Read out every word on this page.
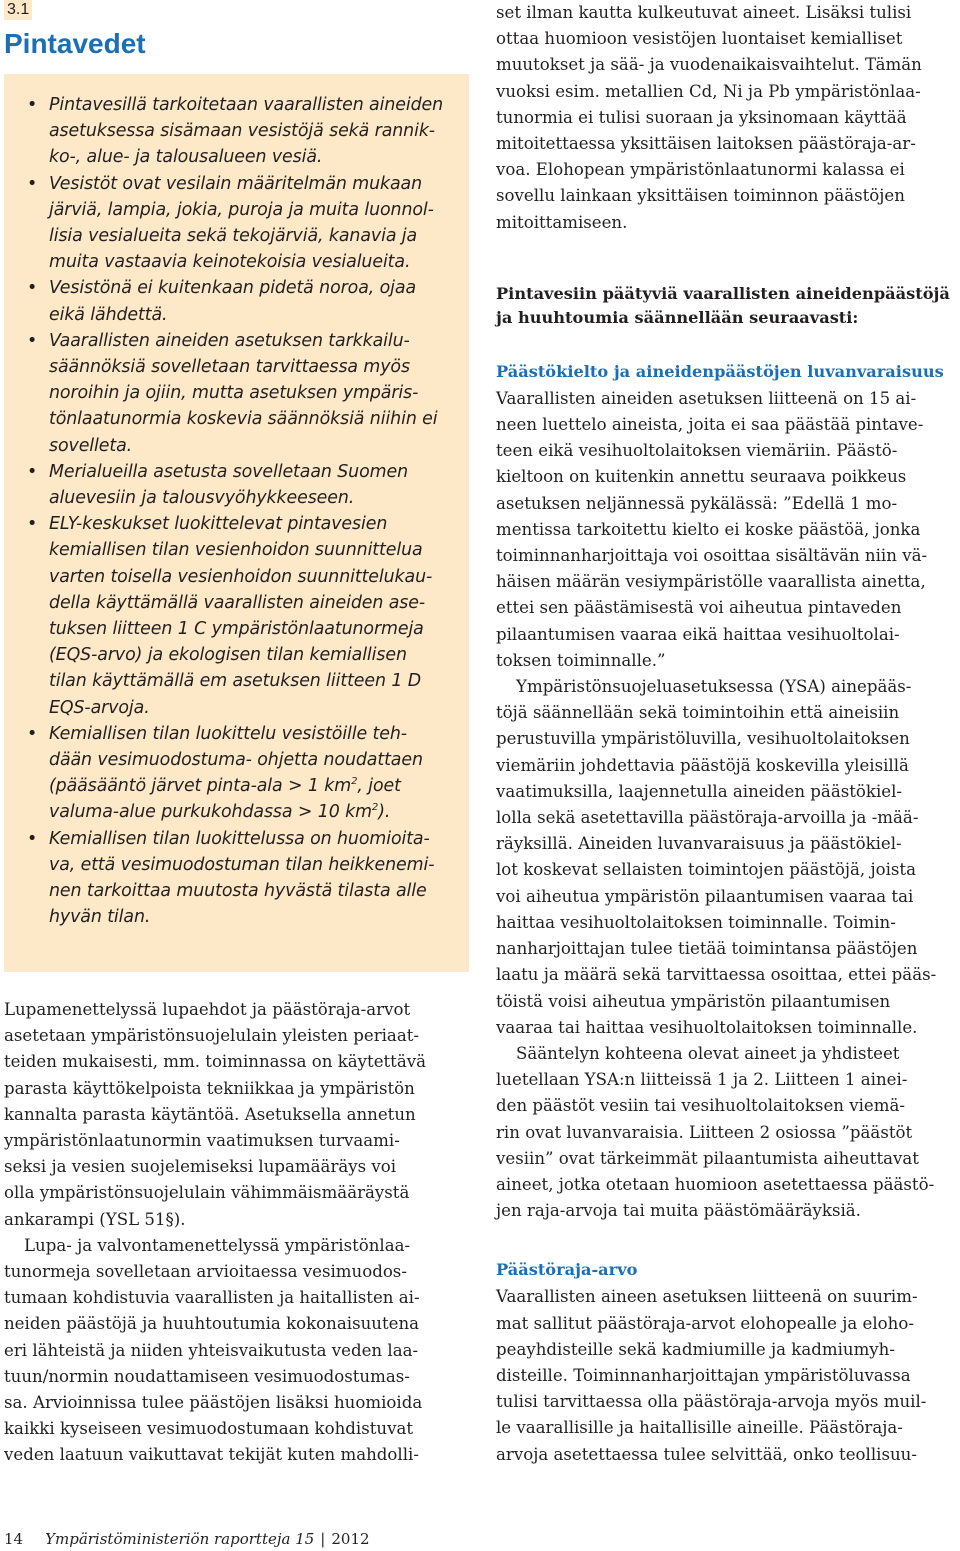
3.1
Pintavedet
• Pintavesillä tarkoitetaan vaarallisten aineiden
asetuksessa sisämaan vesistöjä sekä rannik-
ko-, alue- ja talousalueen vesiä.
• Vesistöt ovat vesilain määritelmän mukaan
järviä, lampia, jokia, puroja ja muita luonnol-
lisia vesialueita sekä tekojärviä, kanavia ja
muita vastaavia keinotekoisia vesialueita.
• Vesistönä ei kuitenkaan pidetä noroa, ojaa
eikä lähdettä.
• Vaarallisten aineiden asetuksen tarkkailu-
säännöksiä sovelletaan tarvittaessa myös
noroihin ja ojiin, mutta asetuksen ympäris-
tönlaatunormia koskevia säännöksiä niihin ei
sovelleta.
• Merialueilla asetusta sovelletaan Suomen
aluevesiin ja talousvyöhykkeeseen.
• ELY-keskukset luokittelevat pintavesien
kemiallisen tilan vesienhoidon suunnittelua
varten toisella vesienhoidon suunnittelukau-
della käyttämällä vaarallisten aineiden ase-
tuksen liitteen 1 C ympäristönlaatunormeja
(EQS-arvo) ja ekologisen tilan kemiallisen
tilan käyttämällä em asetuksen liitteen 1 D
EQS-arvoja.
• Kemiallisen tilan luokittelu vesistöille teh-
dään vesimuodostuma- ohjetta noudattaen
(pääsääntö järvet pinta-ala > 1 $km^2$, joet
valuma-alue purkukohdassa > 10 $km^2$).
• Kemiallisen tilan luokittelussa on huomioita-
va, että vesimuodostuman tilan heikkenemi-
nen tarkoittaa muutosta hyvästä tilasta alle
hyvän tilan.
Lupamenettelyssä lupaehdot ja päästöraja-arvot
asetetaan ympäristönsuojelulain yleisten periaat-
teiden mukaisesti, mm. toiminnassa on käytettävä
parasta käyttökelpoista tekniikkaa ja ympäristön
kannalta parasta käytäntöä. Asetuksella annetun
ympäristönlaatunormin vaatimuksen turvaami-
seksi ja vesien suojelemiseksi lupamääräys voi
olla ympäristönsuojelulain vähimmäismääräystä
ankarampi (YSL 51§).
Lupa- ja valvontamenettelyssä ympäristönlaa-
tunormeja sovelletaan arvioitaessa vesimuodos-
tumaan kohdistuvia vaarallisten ja haitallisten ai-
neiden päästöjä ja huuhtoutumia kokonaisuutena
eri lähteistä ja niiden yhteisvaikutusta veden laa-
tuun/normin noudattamiseen vesimuodostumas-
sa. Arvioinnissa tulee päästöjen lisäksi huomioida
kaikki kyseiseen vesimuodostumaan kohdistuvat
veden laatuun vaikuttavat tekijät kuten mahdolli-
set ilman kautta kulkeutuvat aineet. Lisäksi tulisi
ottaa huomioon vesistöjen luontaiset kemialliset
muutokset ja sää- ja vuodenaikaisvaihtelut. Tämän
vuoksi esim. metallien Cd, Ni ja Pb ympäristönlaa-
tunormia ei tulisi suoraan ja yksinomaan käyttää
mitoitettaessa yksittäisen laitoksen päästöraja-ar-
voa. Elohopean ympäristönlaatunormi kalassa ei
sovellu lainkaan yksittäisen toiminnon päästöjen
mitoittamiseen.
Pintavesiin päätyviä vaarallisten aineidenpäästöjä ja huuhtoumia säännellään seuraavasti:
Päästökielto ja aineidenpäästöjen luvanvaraisuus
Vaarallisten aineiden asetuksen liitteenä on 15 ai-
neen luettelo aineista, joita ei saa päästää pintave-
teen eikä vesihuoltolaitoksen viemäriin. Päästö-
kieltoon on kuitenkin annettu seuraava poikkeus
asetuksen neljännessä pykälässä: ”Edellä 1 mo-
mentissa tarkoitettu kielto ei koske päästöä, jonka
toiminnanharjoittaja voi osoittaa sisältävän niin vä-
häisen määrän vesiympäristölle vaarallista ainetta,
ettei sen päästämisestä voi aiheutua pintaveden
pilaantumisen vaaraa eikä haittaa vesihuoltolai-
toksen toiminnalle.”
Ympäristönsuojeluasetuksessa (YSA) ainepääs-
töjä säännellään sekä toimintoihin että aineisiin
perustuvilla ympäristöluvilla, vesihuoltolaitoksen
viemäriin johdettavia päästöjä koskevilla yleisillä
vaatimuksilla, laajennetulla aineiden päästökiel-
lolla sekä asetettavilla päästöraja-arvoilla ja -mää-
räyksillä. Aineiden luvanvaraisuus ja päästökiel-
lot koskevat sellaisten toimintojen päästöjä, joista
voi aiheutua ympäristön pilaantumisen vaaraa tai
haittaa vesihuoltolaitoksen toiminnalle. Toimin-
nanharjoittajan tulee tietää toimintansa päästöjen
laatu ja määrä sekä tarvittaessa osoittaa, ettei pääs-
töistä voisi aiheutua ympäristön pilaantumisen
vaaraa tai haittaa vesihuoltolaitoksen toiminnalle.
Sääntelyn kohteena olevat aineet ja yhdisteet
luetellaan YSA:n liitteissä 1 ja 2. Liitteen 1 ainei-
den päästöt vesiin tai vesihuoltolaitoksen viemä-
rin ovat luvanvaraisia. Liitteen 2 osiossa ”päästöt
vesiin” ovat tärkeimmät pilaantumista aiheuttavat
aineet, jotka otetaan huomioon asetettaessa päästö-
jen raja-arvoja tai muita päästömääräyksiä.
Päästöraja-arvo
Vaarallisten aineen asetuksen liitteenä on suurim-
mat sallitut päästöraja-arvot elohopealle ja eloho-
peayhdisteille sekä kadmiumille ja kadmiumyh-
disteille. Toiminnanharjoittajan ympäristöluvassa
tulisi tarvittaessa olla päästöraja-arvoja myös muil-
le vaarallisille ja haitallisille aineille. Päästöraja-
arvoja asetettaessa tulee selvittää, onko teollisuu-
14 Ympäristöministeriön raportteja 15 | 2012
